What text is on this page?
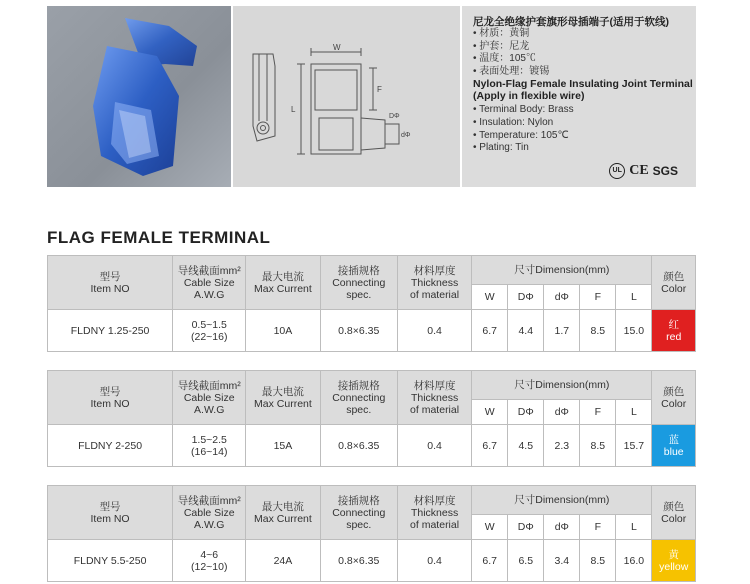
W
L
F
DΦ
dΦ
尼龙全绝缘护套旗形母插端子(适用于软线)
• 材质：黄铜
• 护套：尼龙
• 温度：105℃
• 表面处理：镀锡
Nylon-Flag Female Insulating Joint Terminal
(Apply in flexible wire)
• Terminal Body: Brass
• Insulation: Nylon
• Temperature: 105℃
• Plating: Tin
UL CE SGS
FLAG FEMALE TERMINAL
型号
Item NO	导线截面mm²
Cable Size
A.W.G	最大电流
Max Current	接插规格
Connecting
spec.	材料厚度
Thickness
of material	尺寸Dimension(mm)					颜色
Color

					W	DΦ	dΦ	F	L	
FLDNY 1.25-250	0.5~1.5
(22~16)	10A	0.8×6.35	0.4	6.7	4.4	1.7	8.5	15.0	红
red
型号
Item NO	导线截面mm²
Cable Size
A.W.G	最大电流
Max Current	接插规格
Connecting
spec.	材料厚度
Thickness
of material	尺寸Dimension(mm)					颜色
Color

					W	DΦ	dΦ	F	L	
FLDNY 2-250	1.5~2.5
(16~14)	15A	0.8×6.35	0.4	6.7	4.5	2.3	8.5	15.7	蓝
blue
型号
Item NO	导线截面mm²
Cable Size
A.W.G	最大电流
Max Current	接插规格
Connecting
spec.	材料厚度
Thickness
of material	尺寸Dimension(mm)					颜色
Color

					W	DΦ	dΦ	F	L	
FLDNY 5.5-250	4~6
(12~10)	24A	0.8×6.35	0.4	6.7	6.5	3.4	8.5	16.0	黄
yellow
